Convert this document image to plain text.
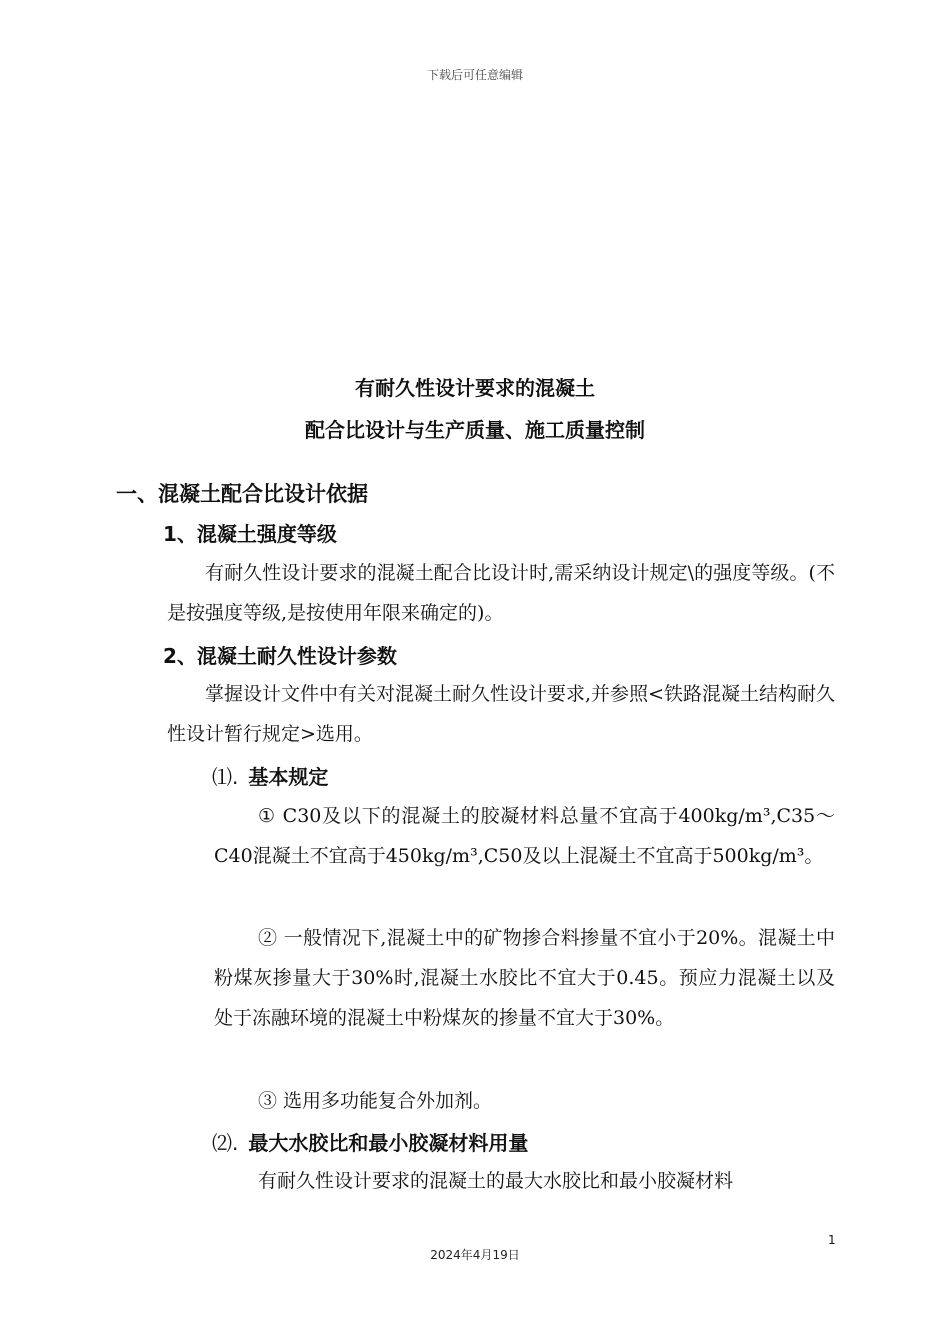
下载后可任意编辑
有耐久性设计要求的混凝土
配合比设计与生产质量、施工质量控制
一、混凝土配合比设计依据
1、混凝土强度等级
有耐久性设计要求的混凝土配合比设计时,需采纳设计规定\的强度等级。(不是按强度等级,是按使用年限来确定的)。
2、混凝土耐久性设计参数
掌握设计文件中有关对混凝土耐久性设计要求,并参照<铁路混凝土结构耐久性设计暂行规定>选用。
⑴. 基本规定
① C30及以下的混凝土的胶凝材料总量不宜高于400kg/m³,C35～C40混凝土不宜高于450kg/m³,C50及以上混凝土不宜高于500kg/m³。
② 一般情况下,混凝土中的矿物掺合料掺量不宜小于20%。混凝土中粉煤灰掺量大于30%时,混凝土水胶比不宜大于0.45。预应力混凝土以及处于冻融环境的混凝土中粉煤灰的掺量不宜大于30%。
③ 选用多功能复合外加剂。
⑵. 最大水胶比和最小胶凝材料用量
有耐久性设计要求的混凝土的最大水胶比和最小胶凝材料
1
2024年4月19日
